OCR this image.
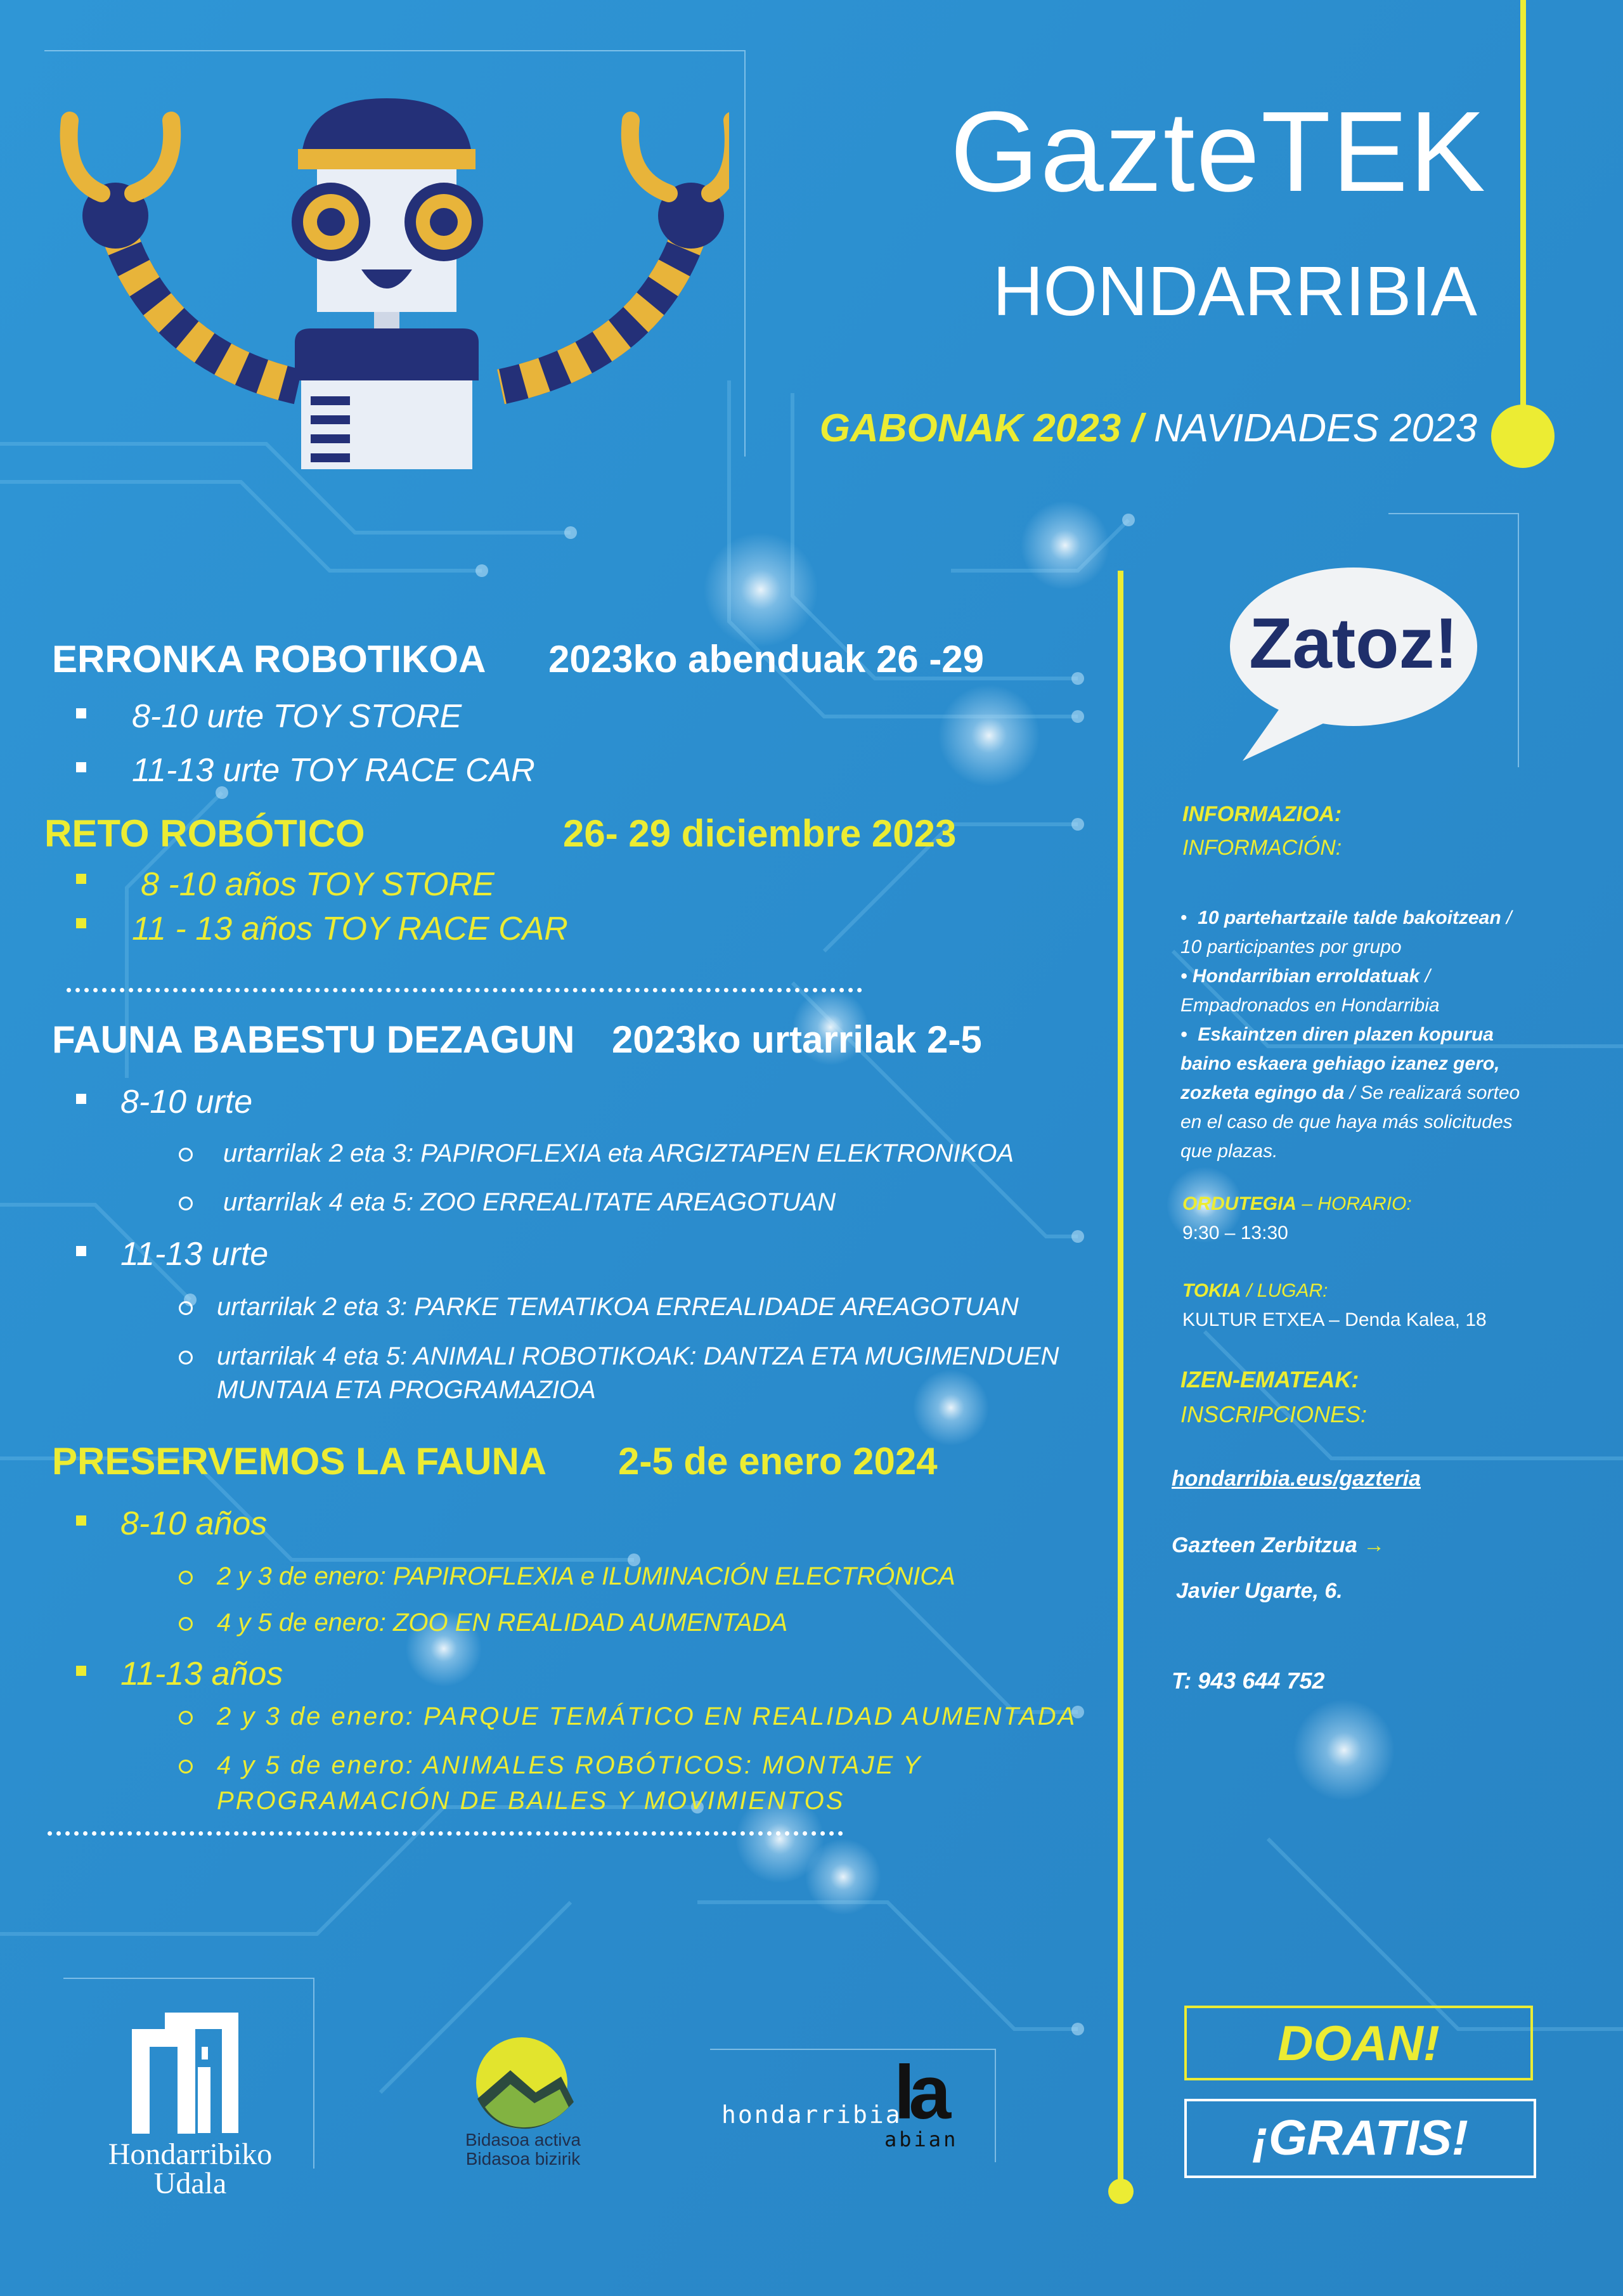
GazteTEK
HONDARRIBIA
GABONAK 2023 / NAVIDADES 2023
Zatoz!
ERRONKA ROBOTIKOA 2023ko abenduak 26 -29
8-10 urte TOY STORE
11-13 urte TOY RACE CAR
RETO ROBÓTICO	26- 29 diciembre 2023
8 -10 años TOY STORE
11 - 13 años TOY RACE CAR
FAUNA BABESTU DEZAGUN 2023ko urtarrilak 2-5
8-10 urte
urtarrilak 2 eta 3: PAPIROFLEXIA eta ARGIZTAPEN ELEKTRONIKOA
urtarrilak 4 eta 5: ZOO ERREALITATE AREAGOTUAN
11-13 urte
urtarrilak 2 eta 3: PARKE TEMATIKOA ERREALIDADE AREAGOTUAN
urtarrilak 4 eta 5: ANIMALI ROBOTIKOAK: DANTZA ETA MUGIMENDUEN
MUNTAIA ETA PROGRAMAZIOA
PRESERVEMOS LA FAUNA 2-5 de enero 2024
8-10 años
2 y 3 de enero: PAPIROFLEXIA e ILUMINACIÓN ELECTRÓNICA
4 y 5 de enero: ZOO EN REALIDAD AUMENTADA
11-13 años
2 y 3 de enero: PARQUE TEMÁTICO EN REALIDAD AUMENTADA
4 y 5 de enero: ANIMALES ROBÓTICOS: MONTAJE Y
PROGRAMACIÓN DE BAILES Y MOVIMIENTOS
INFORMAZIOA:
INFORMACIÓN:
•  10 partehartzaile talde bakoitzean /
10 participantes por grupo
• Hondarribian erroldatuak /
Empadronados en Hondarribia
•  Eskaintzen diren plazen kopurua
baino eskaera gehiago izanez gero,
zozketa egingo da / Se realizará sorteo
en el caso de que haya más solicitudes
que plazas.
ORDUTEGIA – HORARIO:
9:30 – 13:30
TOKIA / LUGAR:
KULTUR ETXEA – Denda Kalea, 18
IZEN-EMATEAK:
INSCRIPCIONES:
hondarribia.eus/gazteria
Gazteen Zerbitzua →
Javier Ugarte, 6.
T: 943 644 752
DOAN!
¡GRATIS!
Hondarribiko
Udala
Bidasoa activa
Bidasoa bizirik
hondarribia
la
abian
